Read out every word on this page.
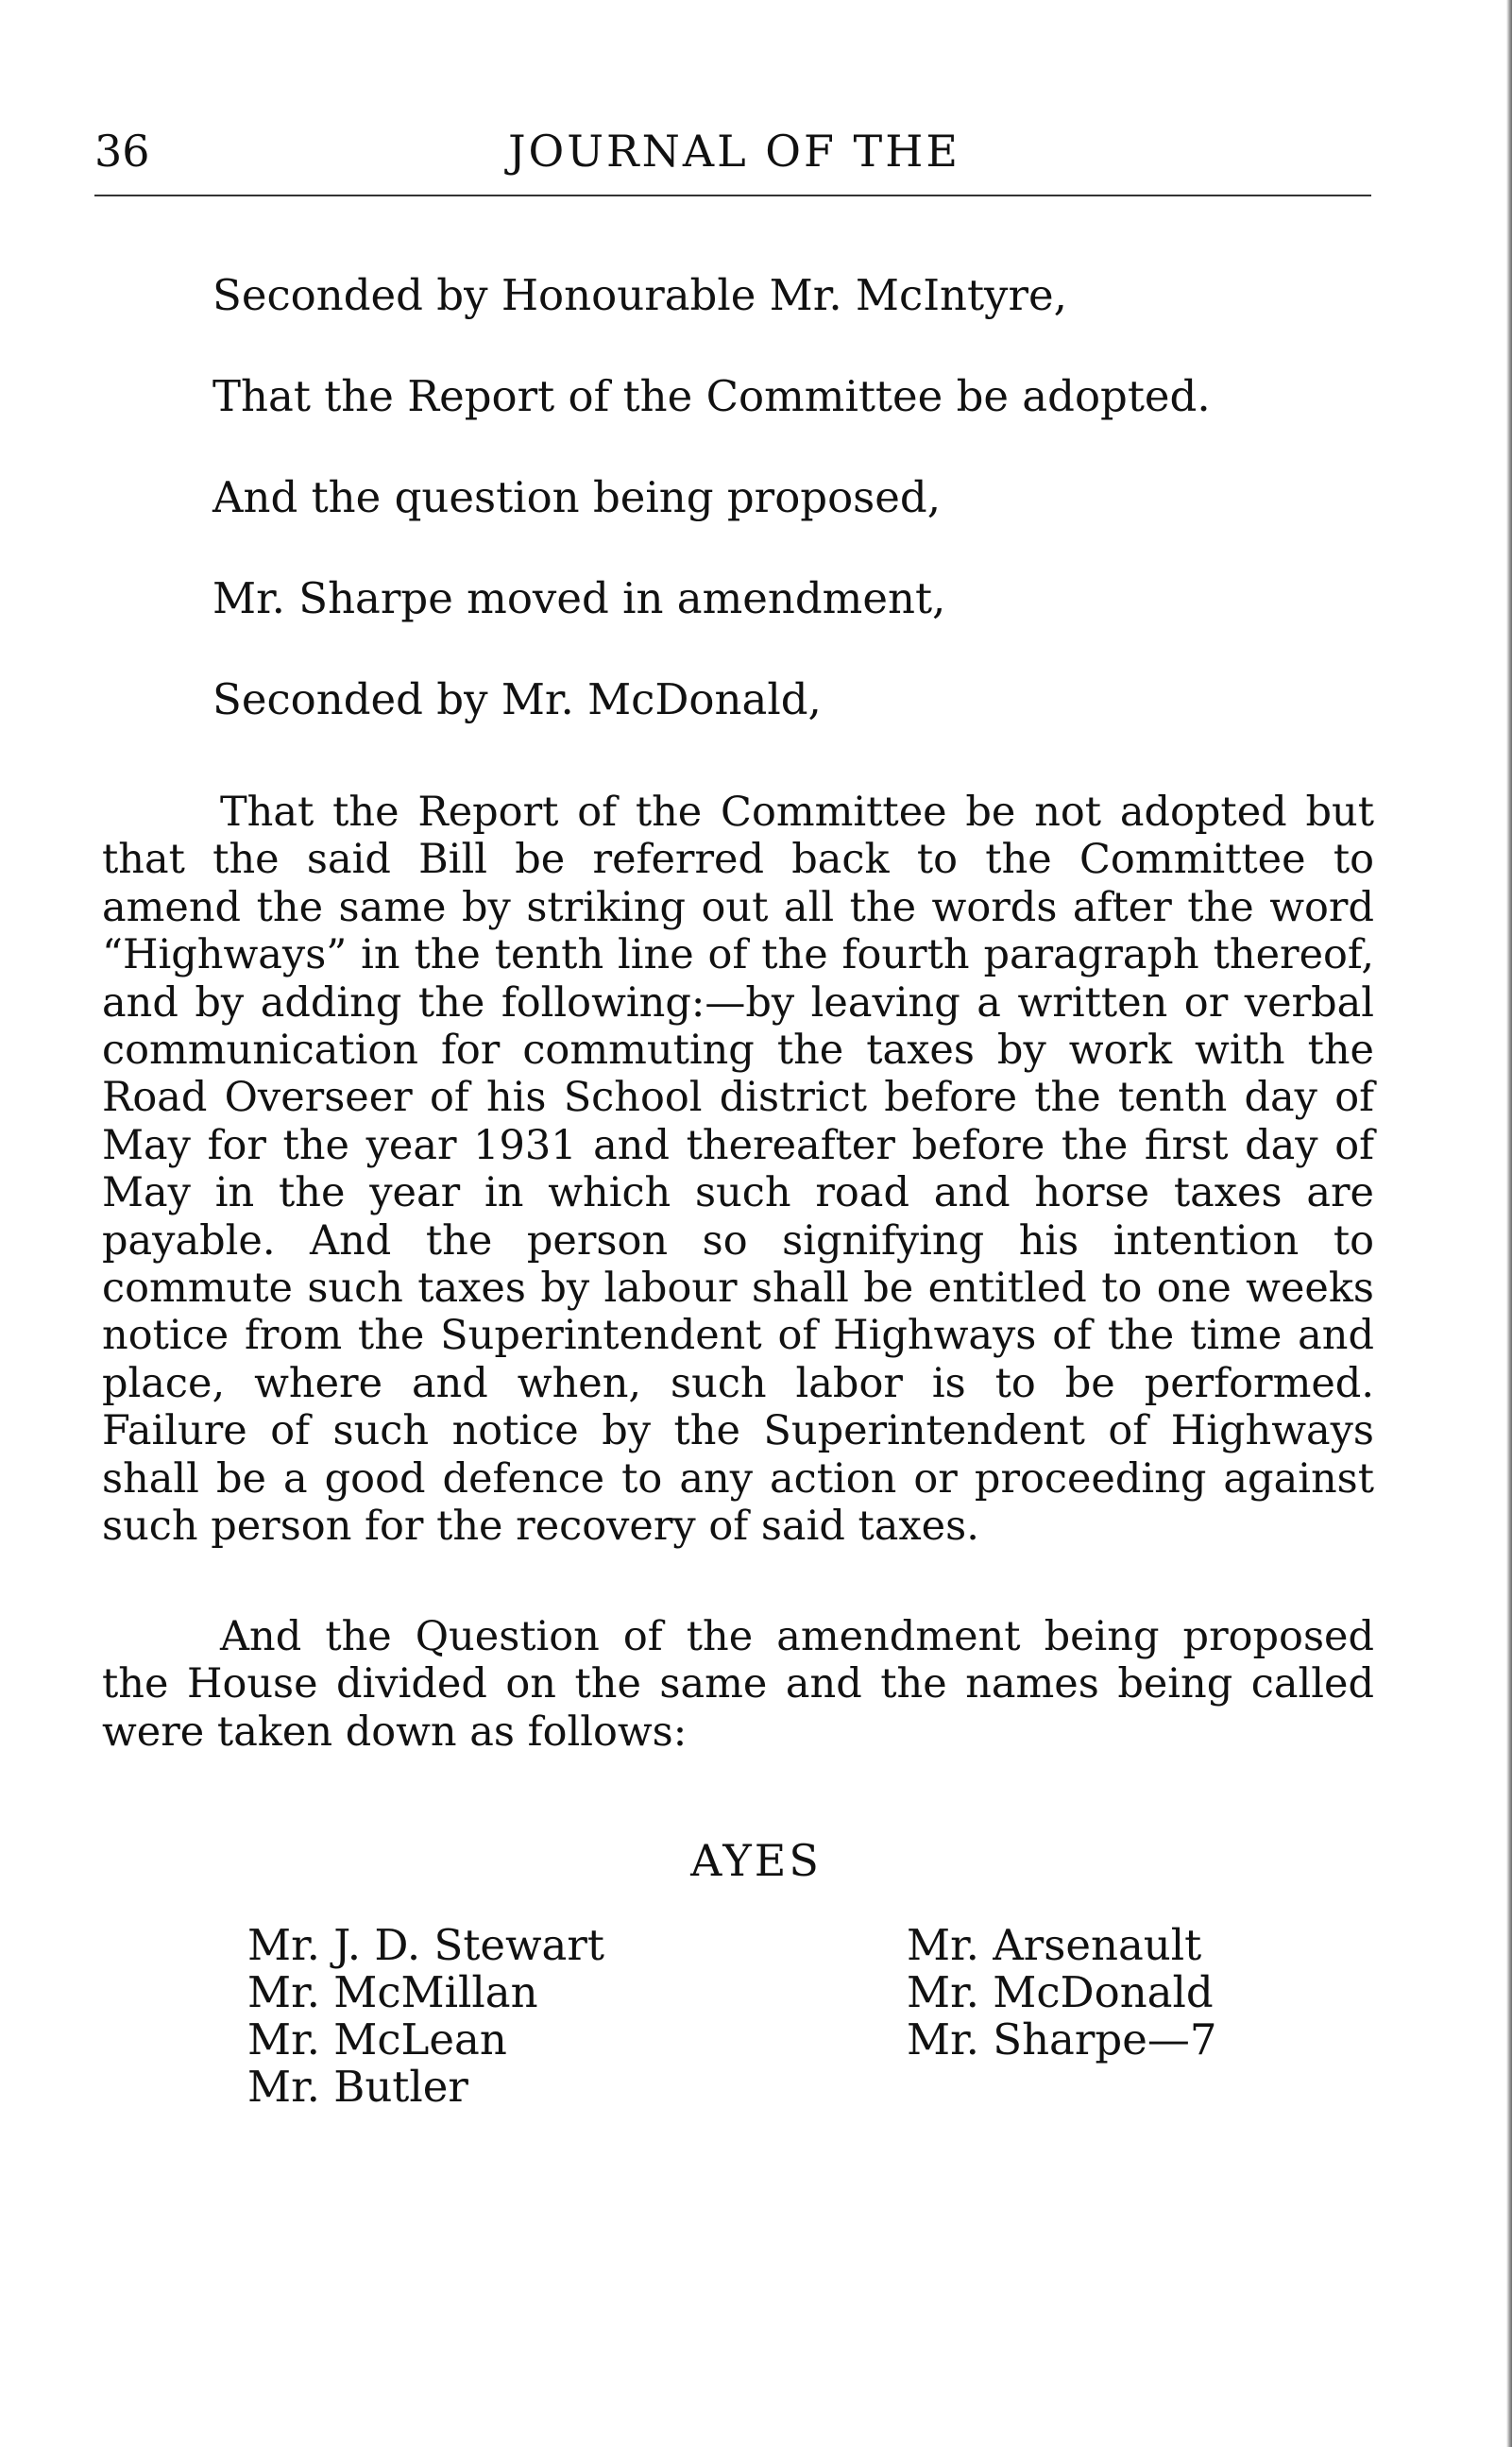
36	JOURNAL OF THE
Seconded by Honourable Mr. McIntyre,
That the Report of the Committee be adopted.
And the question being proposed,
Mr. Sharpe moved in amendment,
Seconded by Mr. McDonald,

That the Report of the Committee be not adopted but that the said Bill be referred back to the Committee to amend the same by striking out all the words after the word “Highways” in the tenth line of the fourth paragraph thereof, and by adding the following:—by leaving a written or verbal communication for commuting the taxes by work with the Road Overseer of his School district before the tenth day of May for the year 1931 and thereafter before the first day of May in the year in which such road and horse taxes are payable. And the person so signifying his intention to commute such taxes by labour shall be entitled to one weeks notice from the Superintendent of Highways of the time and place, where and when, such labor is to be performed. Failure of such notice by the Superintendent of Highways shall be a good defence to any action or proceeding against such person for the recovery of said taxes.

And the Question of the amendment being proposed the House divided on the same and the names being called were taken down as follows:

AYES
Mr. J. D. Stewart
Mr. McMillan
Mr. McLean
Mr. Butler
Mr. Arsenault
Mr. McDonald
Mr. Sharpe—7
